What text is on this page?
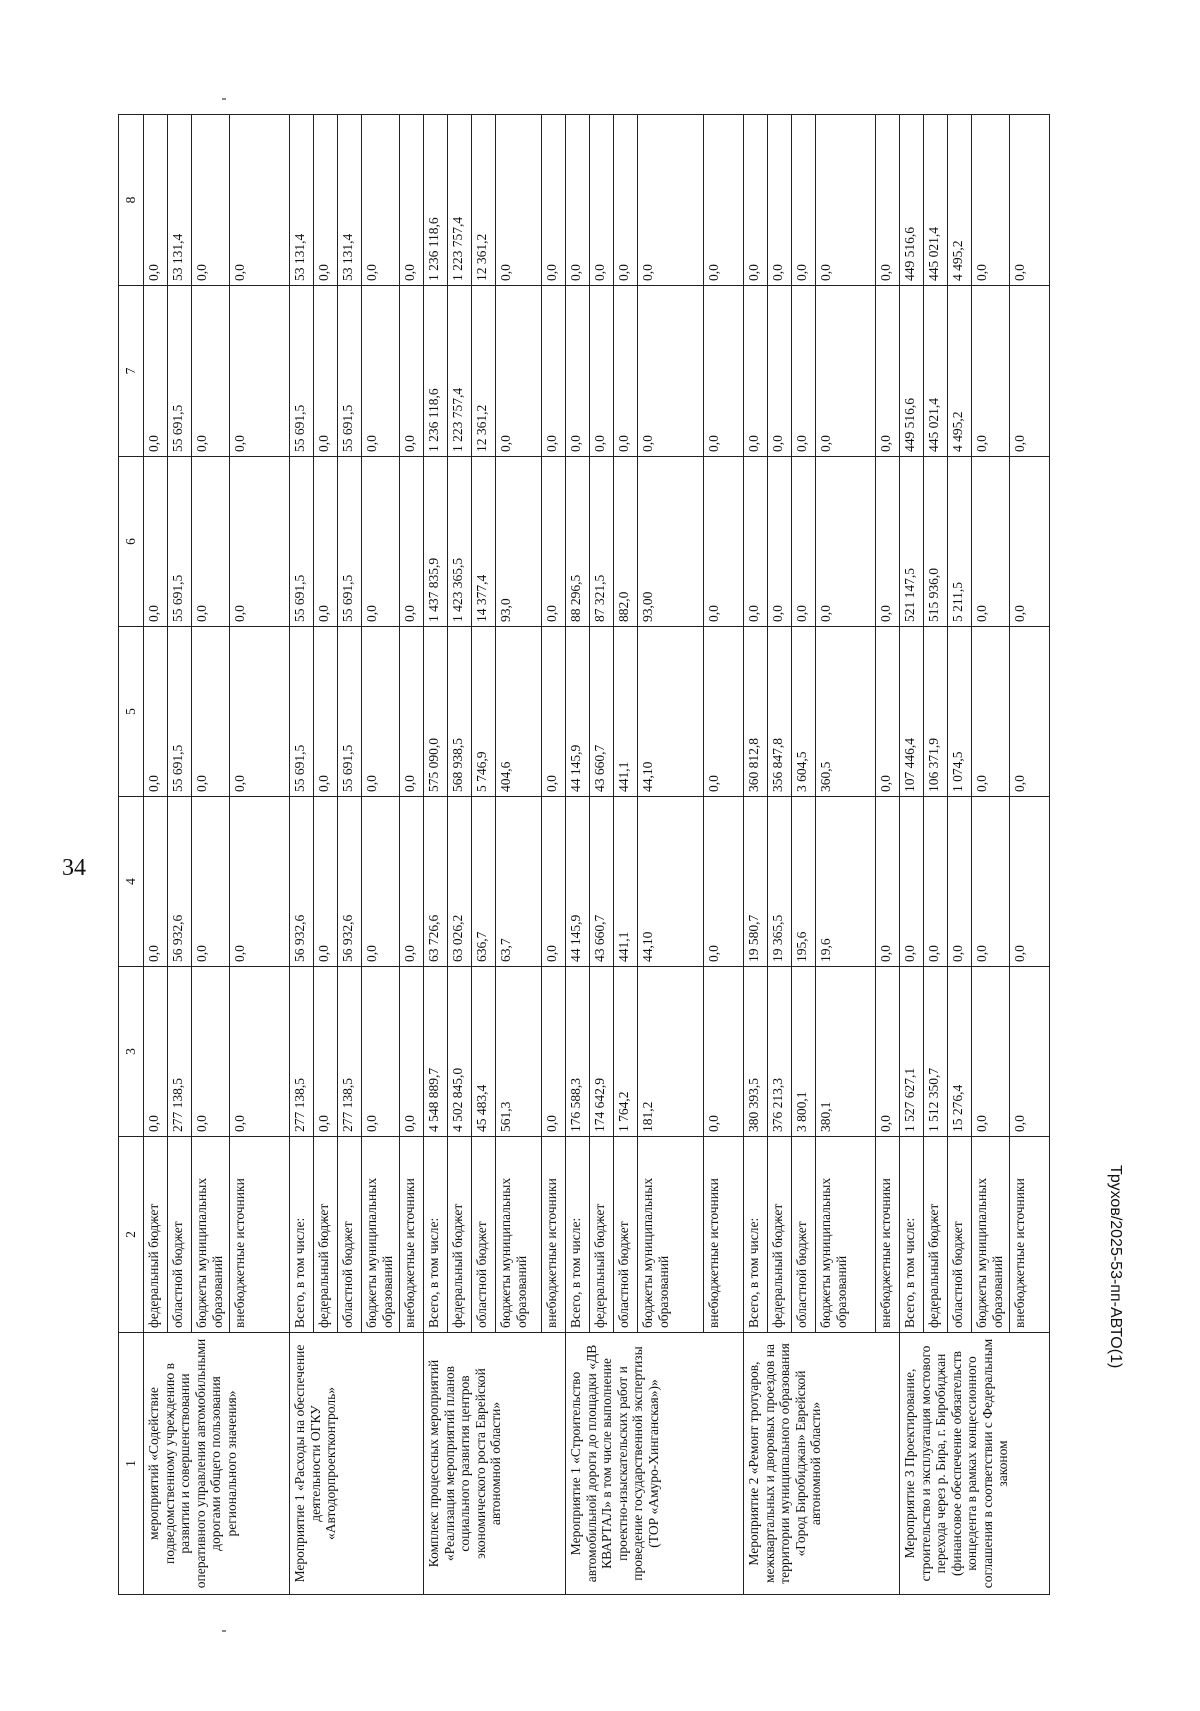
34
Трухов/2025-53-пп-АВТО(1)
1	2	3	4	5	6	7	8
мероприятий «Содействие подведомственному учреждению в развитии и совершенствовании оперативного управления автомобильными дорогами общего пользования регионального значения»	федеральный бюджет	0,0	0,0	0,0	0,0	0,0	0,0
	областной бюджет	277 138,5	56 932,6	55 691,5	55 691,5	55 691,5	53 131,4
	бюджеты муниципальных образований	0,0	0,0	0,0	0,0	0,0	0,0
	внебюджетные источники	0,0	0,0	0,0	0,0	0,0	0,0
Мероприятие 1 «Расходы на обеспечение деятельности ОГКУ «Автодорпроектконтроль»	Всего, в том числе:	277 138,5	56 932,6	55 691,5	55 691,5	55 691,5	53 131,4
	федеральный бюджет	0,0	0,0	0,0	0,0	0,0	0,0
	областной бюджет	277 138,5	56 932,6	55 691,5	55 691,5	55 691,5	53 131,4
	бюджеты муниципальных образований	0,0	0,0	0,0	0,0	0,0	0,0
	внебюджетные источники	0,0	0,0	0,0	0,0	0,0	0,0
Комплекс процессных мероприятий «Реализация мероприятий планов социального развития центров экономического роста Еврейской автономной области»	Всего, в том числе:	4 548 889,7	63 726,6	575 090,0	1 437 835,9	1 236 118,6	1 236 118,6
	федеральный бюджет	4 502 845,0	63 026,2	568 938,5	1 423 365,5	1 223 757,4	1 223 757,4
	областной бюджет	45 483,4	636,7	5 746,9	14 377,4	12 361,2	12 361,2
	бюджеты муниципальных образований	561,3	63,7	404,6	93,0	0,0	0,0
	внебюджетные источники	0,0	0,0	0,0	0,0	0,0	0,0
Мероприятие 1 «Строительство автомобильной дороги до площадки «ДВ КВАРТАЛ» в том числе выполнение проектно-изыскательских работ и проведение государственной экспертизы (ТОР «Амуро-Хинганская»)»	Всего, в том числе:	176 588,3	44 145,9	44 145,9	88 296,5	0,0	0,0
	федеральный бюджет	174 642,9	43 660,7	43 660,7	87 321,5	0,0	0,0
	областной бюджет	1 764,2	441,1	441,1	882,0	0,0	0,0
	бюджеты муниципальных образований	181,2	44,10	44,10	93,00	0,0	0,0
	внебюджетные источники	0,0	0,0	0,0	0,0	0,0	0,0
Мероприятие 2 «Ремонт тротуаров, межквартальных и дворовых проездов на территории муниципального образования «Город Биробиджан» Еврейской автономной области»	Всего, в том числе:	380 393,5	19 580,7	360 812,8	0,0	0,0	0,0
	федеральный бюджет	376 213,3	19 365,5	356 847,8	0,0	0,0	0,0
	областной бюджет	3 800,1	195,6	3 604,5	0,0	0,0	0,0
	бюджеты муниципальных образований	380,1	19,6	360,5	0,0	0,0	0,0
	внебюджетные источники	0,0	0,0	0,0	0,0	0,0	0,0
Мероприятие 3 Проектирование, строительство и эксплуатация мостового перехода через р. Бира, г. Биробиджан (финансовое обеспечение обязательств концедента в рамках концессионного соглашения в соответствии с Федеральным законом	Всего, в том числе:	1 527 627,1	0,0	107 446,4	521 147,5	449 516,6	449 516,6
	федеральный бюджет	1 512 350,7	0,0	106 371,9	515 936,0	445 021,4	445 021,4
	областной бюджет	15 276,4	0,0	1 074,5	5 211,5	4 495,2	4 495,2
	бюджеты муниципальных образований	0,0	0,0	0,0	0,0	0,0	0,0
	внебюджетные источники	0,0	0,0	0,0	0,0	0,0	0,0
